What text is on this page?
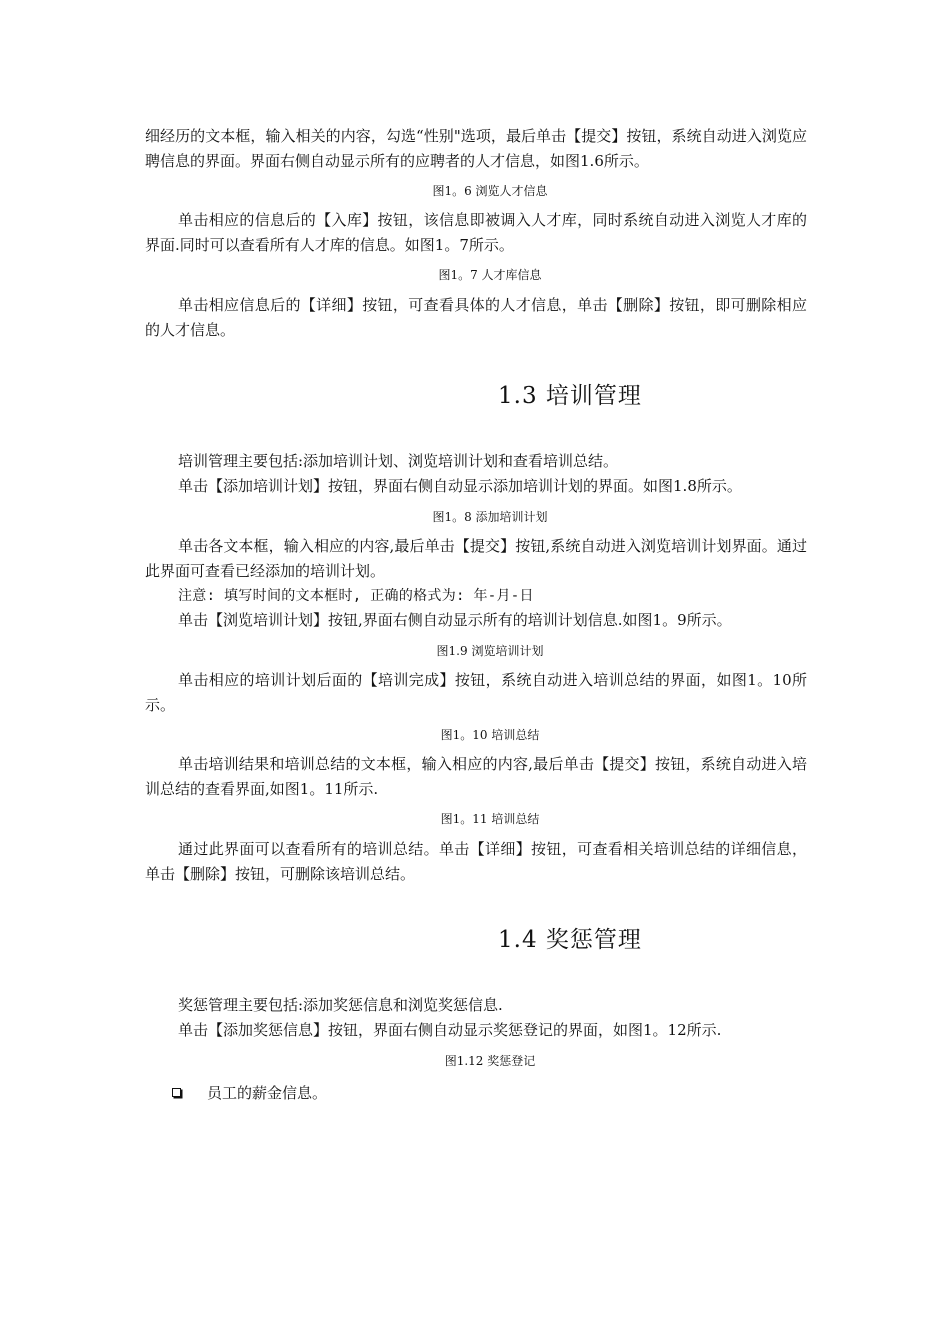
细经历的文本框，输入相关的内容，勾选“性别"选项，最后单击【提交】按钮，系统自动进入浏览应聘信息的界面。界面右侧自动显示所有的应聘者的人才信息，如图1.6所示。
图1。6 浏览人才信息
单击相应的信息后的【入库】按钮，该信息即被调入人才库，同时系统自动进入浏览人才库的界面.同时可以查看所有人才库的信息。如图1。7所示。
图1。7 人才库信息
单击相应信息后的【详细】按钮，可查看具体的人才信息，单击【删除】按钮，即可删除相应的人才信息。
1.3 培训管理
培训管理主要包括:添加培训计划、浏览培训计划和查看培训总结。
单击【添加培训计划】按钮，界面右侧自动显示添加培训计划的界面。如图1.8所示。
图1。8 添加培训计划
单击各文本框，输入相应的内容,最后单击【提交】按钮,系统自动进入浏览培训计划界面。通过此界面可查看已经添加的培训计划。
注意: 填写时间的文本框时, 正确的格式为: 年-月-日
单击【浏览培训计划】按钮,界面右侧自动显示所有的培训计划信息.如图1。9所示。
图1.9 浏览培训计划
单击相应的培训计划后面的【培训完成】按钮，系统自动进入培训总结的界面，如图1。10所示。
图1。10 培训总结
单击培训结果和培训总结的文本框，输入相应的内容,最后单击【提交】按钮，系统自动进入培训总结的查看界面,如图1。11所示.
图1。11 培训总结
通过此界面可以查看所有的培训总结。单击【详细】按钮，可查看相关培训总结的详细信息，单击【删除】按钮，可删除该培训总结。
1.4 奖惩管理
奖惩管理主要包括:添加奖惩信息和浏览奖惩信息.
单击【添加奖惩信息】按钮，界面右侧自动显示奖惩登记的界面，如图1。12所示.
图1.12 奖惩登记
员工的薪金信息。
